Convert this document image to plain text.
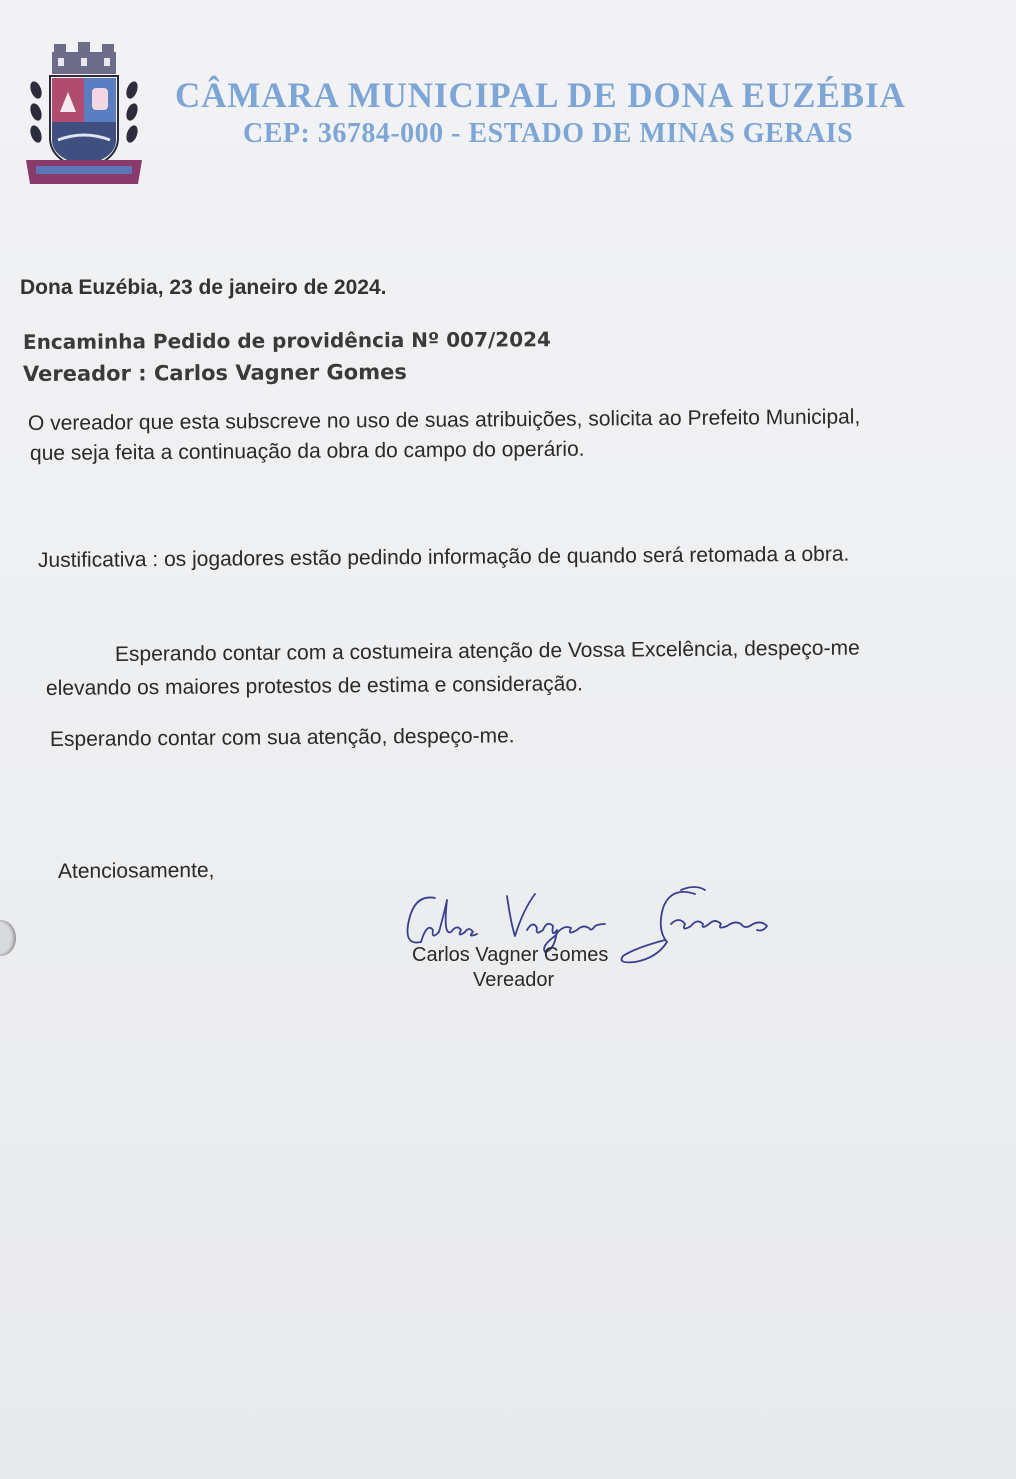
CÂMARA MUNICIPAL DE DONA EUZÉBIA
CEP: 36784-000 - ESTADO DE MINAS GERAIS
Dona Euzébia, 23 de janeiro de 2024.
Encaminha Pedido de providência Nº 007/2024
Vereador : Carlos Vagner Gomes
O vereador que esta subscreve no uso de suas atribuições, solicita ao Prefeito Municipal,
que seja feita a continuação da obra do campo do operário.
Justificativa : os jogadores estão pedindo informação de quando será retomada a obra.
Esperando contar com a costumeira atenção de Vossa Excelência, despeço-me
elevando os maiores protestos de estima e consideração.
Esperando contar com sua atenção, despeço-me.
Atenciosamente,
Carlos Vagner Gomes
Vereador
